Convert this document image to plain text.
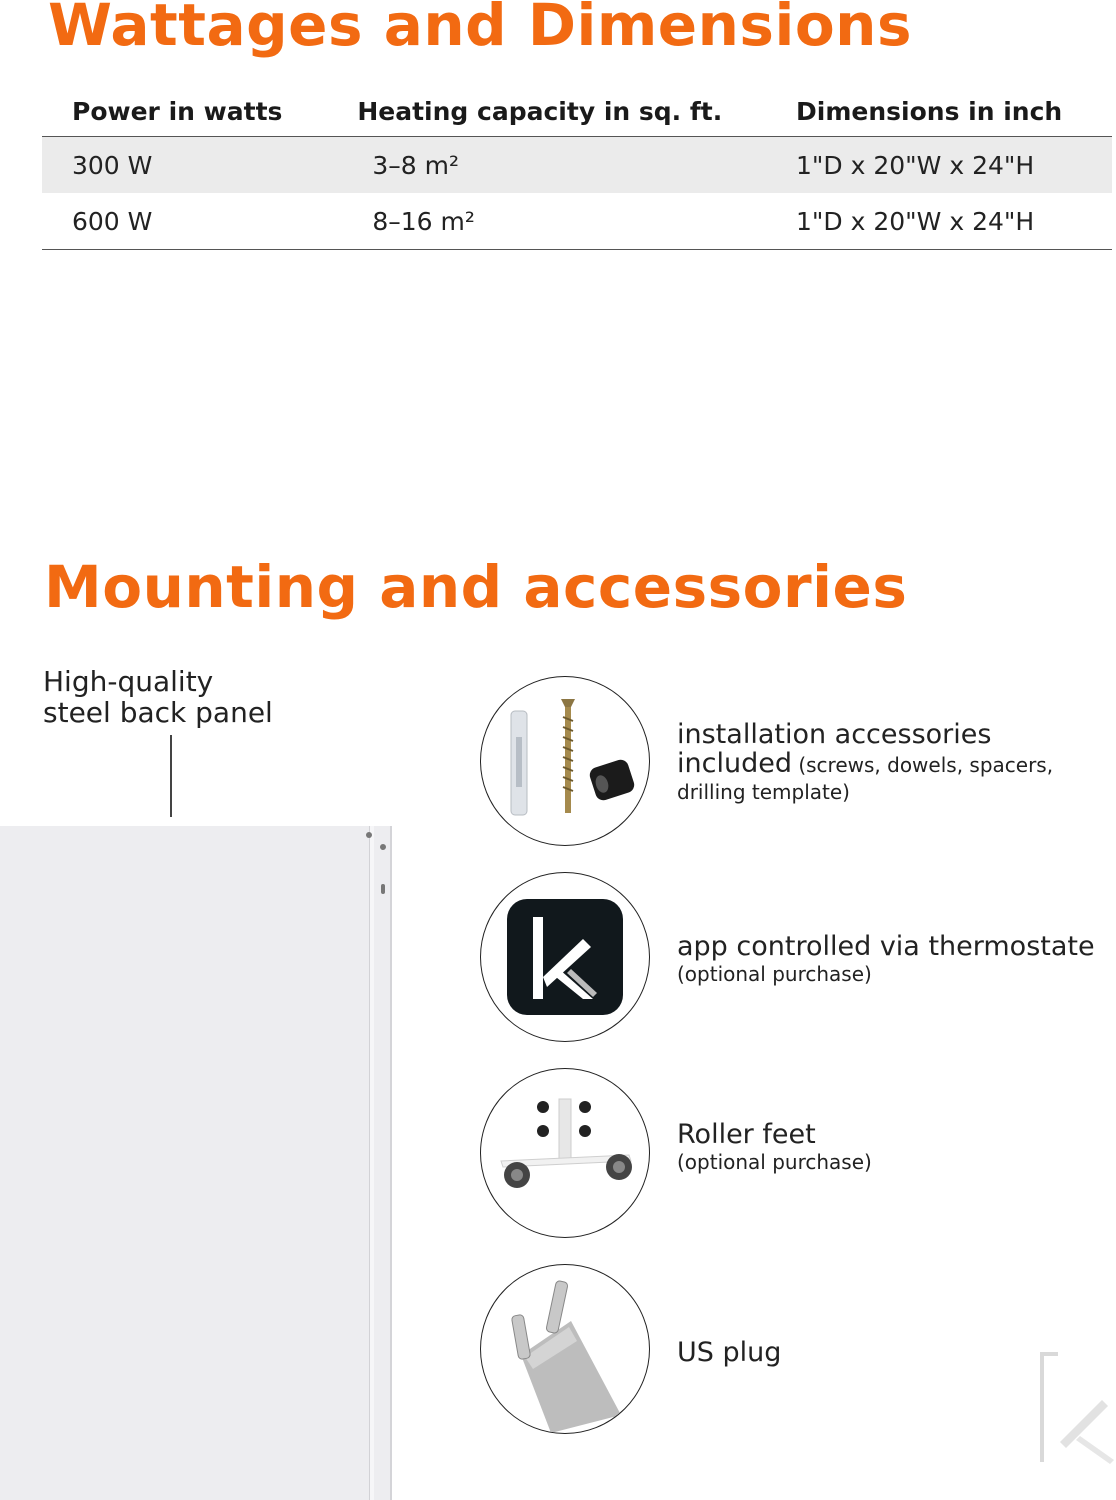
Wattages and Dimensions
Power in watts	Heating capacity in sq. ft.	Dimensions in inch
300 W	3–8 m²	1"D x 20"W x 24"H
600 W	8–16 m²	1"D x 20"W x 24"H
Mounting and accessories
High-quality
steel back panel
installation accessories
included (screws, dowels, spacers,
drilling template)
app controlled via thermostate
(optional purchase)
Roller feet
(optional purchase)
US plug
